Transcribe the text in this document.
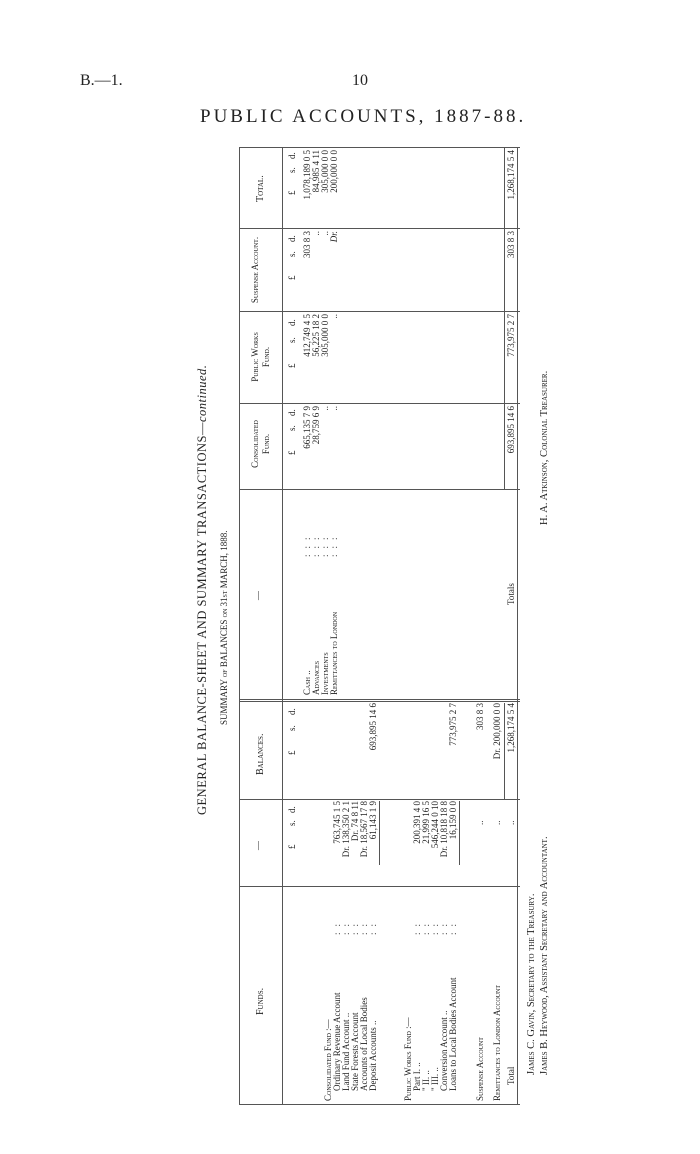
B.—1.	10
PUBLIC ACCOUNTS, 1887-88.
GENERAL BALANCE-SHEET AND SUMMARY TRANSACTIONS—continued.
SUMMARY of BALANCES on 31st MARCH, 1888.
Funds.
—
Balances.
£
s.
d.
£
s.
d.
Consolidated Fund :— Ordinary Revenue Account
::
763,745 1 5
Land Fund Account ..
::
Dr. 138,350 2 1
State Forests Account
::
Dr. 74 8 11
Accounts of Local Bodies
::
Dr. 18,567 17 8
Deposit Accounts ..
::
61,143 1 9
693,895 14 6
Public Works Fund :— Part I. ..
::
200,391 4 0
" II. ..
::
21,999 16 5
" III. ..
::
546,244 0 10
Conversion Account ..
::
Dr. 10,818 18 8
Loans to Local Bodies Account
::
16,159 0 0
773,975 2 7
Suspense Account
..
303 8 3
Remittances to London Account
..
Dr. 200,000 0 0
Total
..
1,268,174 5 4
—
Consolidated Fund.
Public Works Fund.
Suspense Account.
Total.
£
s.
d.
£
s.
d.
£
s.
d.
£
s.
d.
Cash ..
:::
665,135 7 9
412,749 4 5
303 8 3
1,078,189 0 5
Advances
:::
28,759 6 9
56,225 18 2
..
84,985 4 11
Investments
:::
..
305,000 0 0
..
305,000 0 0
Remittances to London
:::
..
..
Dr.
200,000 0 0
Totals
693,895 14 6
773,975 2 7
303 8 3
1,268,174 5 4
James C. Gavin, Secretary to the Treasury. James B. Heywood, Assistant Secretary and Accountant.
H. A. Atkinson, Colonial Treasurer.
